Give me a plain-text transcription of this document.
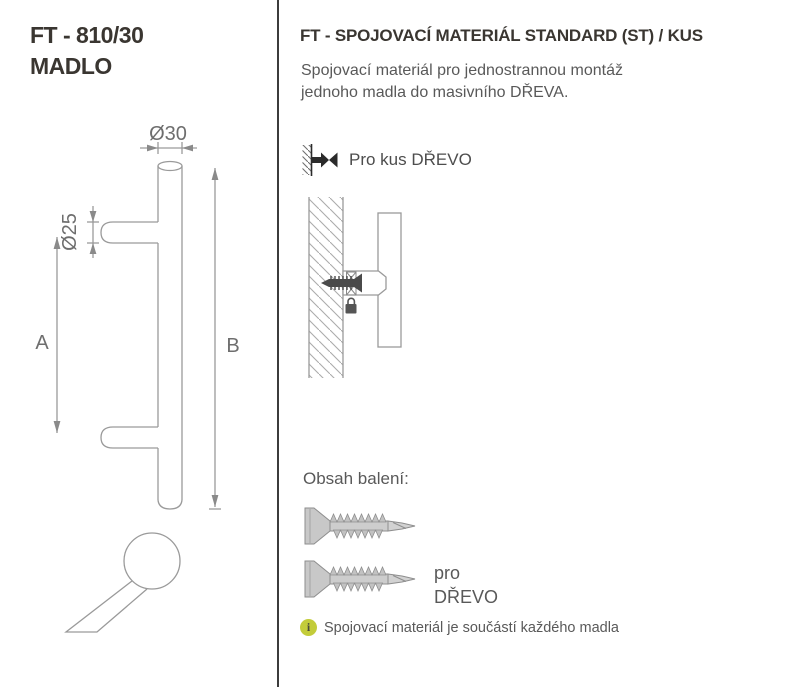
FT - 810/30
MADLO
Ø30
Ø25
A	B
FT - SPOJOVACÍ MATERIÁL STANDARD (ST) / KUS
Spojovací materiál pro jednostrannou montáž
jednoho madla do masivního DŘEVA.
Pro kus DŘEVO
Obsah balení:
pro
DŘEVO
i Spojovací materiál je součástí každého madla
